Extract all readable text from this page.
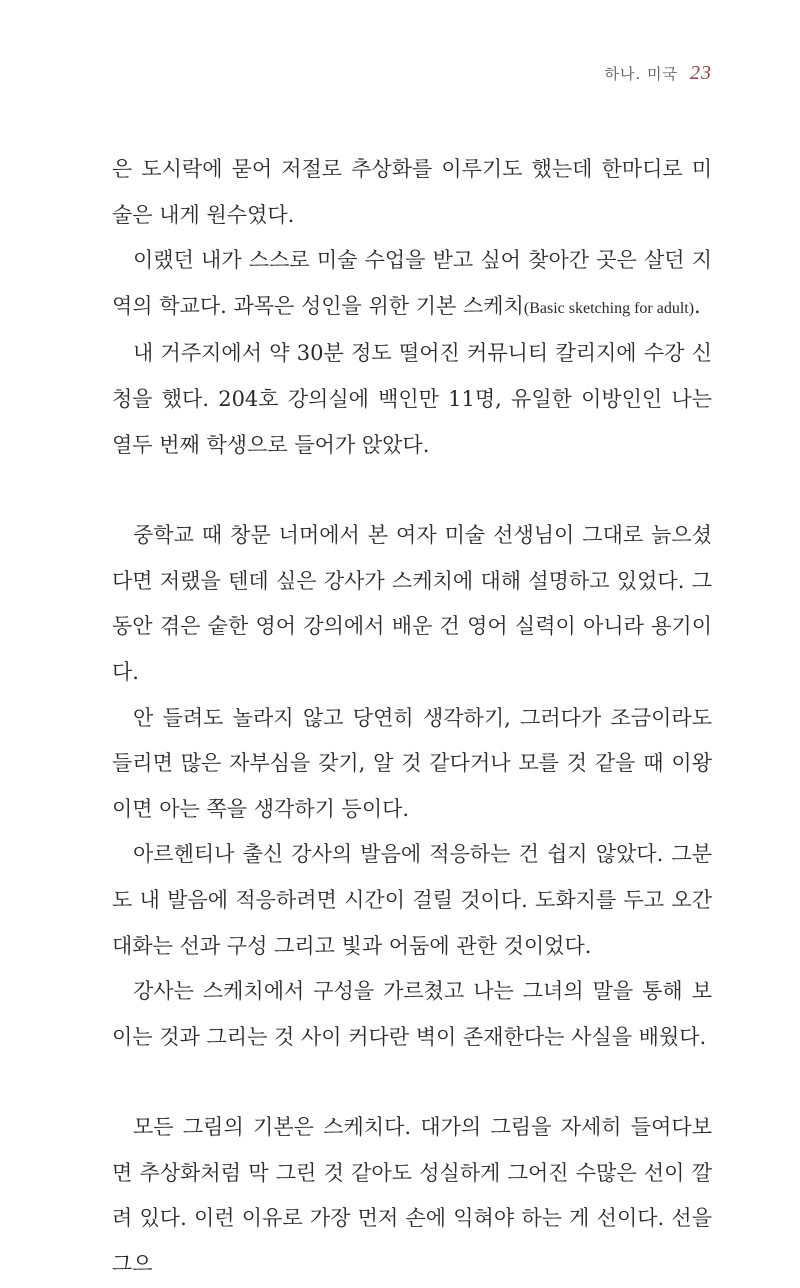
하나. 미국 23

은 도시락에 묻어 저절로 추상화를 이루기도 했는데 한마디로 미술은 내게 원수였다.

이랬던 내가 스스로 미술 수업을 받고 싶어 찾아간 곳은 살던 지역의 학교다. 과목은 성인을 위한 기본 스케치(Basic sketching for adult).

내 거주지에서 약 30분 정도 떨어진 커뮤니티 칼리지에 수강 신청을 했다. 204호 강의실에 백인만 11명, 유일한 이방인인 나는 열두 번째 학생으로 들어가 앉았다.

중학교 때 창문 너머에서 본 여자 미술 선생님이 그대로 늙으셨다면 저랬을 텐데 싶은 강사가 스케치에 대해 설명하고 있었다. 그동안 겪은 숱한 영어 강의에서 배운 건 영어 실력이 아니라 용기이다.

안 들려도 놀라지 않고 당연히 생각하기, 그러다가 조금이라도 들리면 많은 자부심을 갖기, 알 것 같다거나 모를 것 같을 때 이왕이면 아는 쪽을 생각하기 등이다.

아르헨티나 출신 강사의 발음에 적응하는 건 쉽지 않았다. 그분도 내 발음에 적응하려면 시간이 걸릴 것이다. 도화지를 두고 오간 대화는 선과 구성 그리고 빛과 어둠에 관한 것이었다.

강사는 스케치에서 구성을 가르쳤고 나는 그녀의 말을 통해 보이는 것과 그리는 것 사이 커다란 벽이 존재한다는 사실을 배웠다.

모든 그림의 기본은 스케치다. 대가의 그림을 자세히 들여다보면 추상화처럼 막 그린 것 같아도 성실하게 그어진 수많은 선이 깔려 있다. 이런 이유로 가장 먼저 손에 익혀야 하는 게 선이다. 선을 그으
